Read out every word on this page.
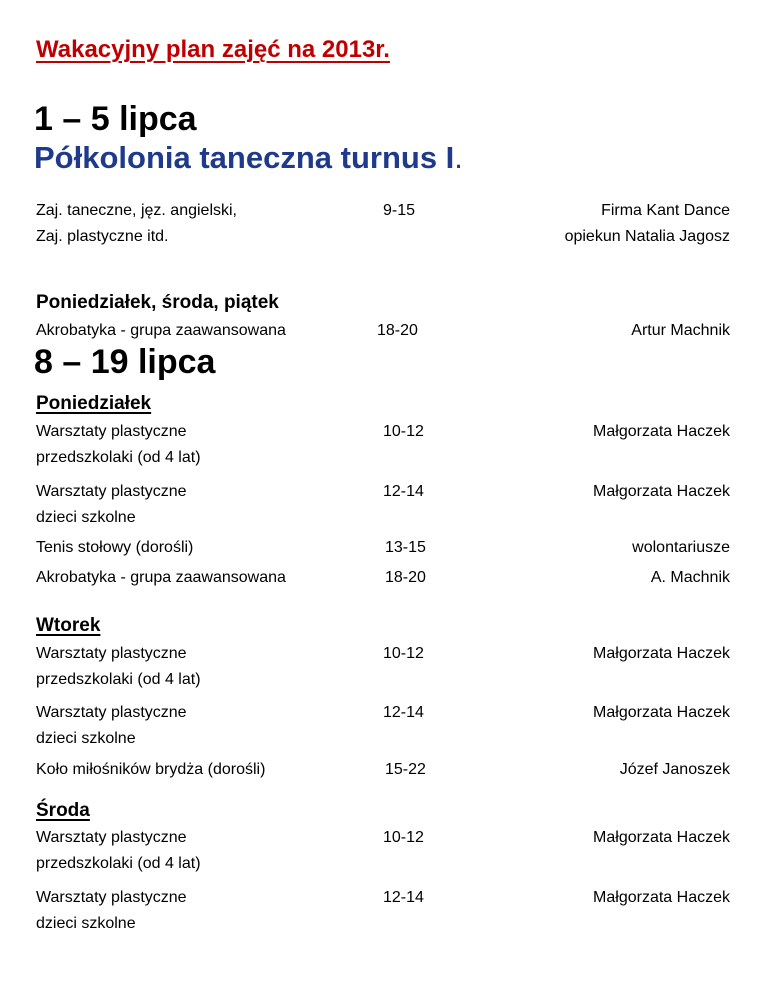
Wakacyjny plan zajęć na 2013r.
1 – 5 lipca
Półkolonia taneczna turnus I.
Zaj. taneczne, jęz. angielski,
Zaj. plastyczne itd.
9-15	Firma Kant Dance
opiekun Natalia Jagosz
Poniedziałek, środa, piątek
Akrobatyka - grupa zaawansowana	18-20	Artur Machnik
8 – 19 lipca
Poniedziałek
Warsztaty plastyczne
przedszkolaki (od 4 lat)
10-12	Małgorzata Haczek
Warsztaty plastyczne
dzieci szkolne
12-14	Małgorzata Haczek
Tenis stołowy (dorośli)	13-15	wolontariusze
Akrobatyka - grupa zaawansowana	18-20	A. Machnik
Wtorek
Warsztaty plastyczne
przedszkolaki (od 4 lat)
10-12	Małgorzata Haczek
Warsztaty plastyczne
dzieci szkolne
12-14	Małgorzata Haczek
Koło miłośników brydża (dorośli)	15-22	Józef Janoszek
Środa
Warsztaty plastyczne
przedszkolaki (od 4 lat)
10-12	Małgorzata Haczek
Warsztaty plastyczne
dzieci szkolne
12-14	Małgorzata Haczek
